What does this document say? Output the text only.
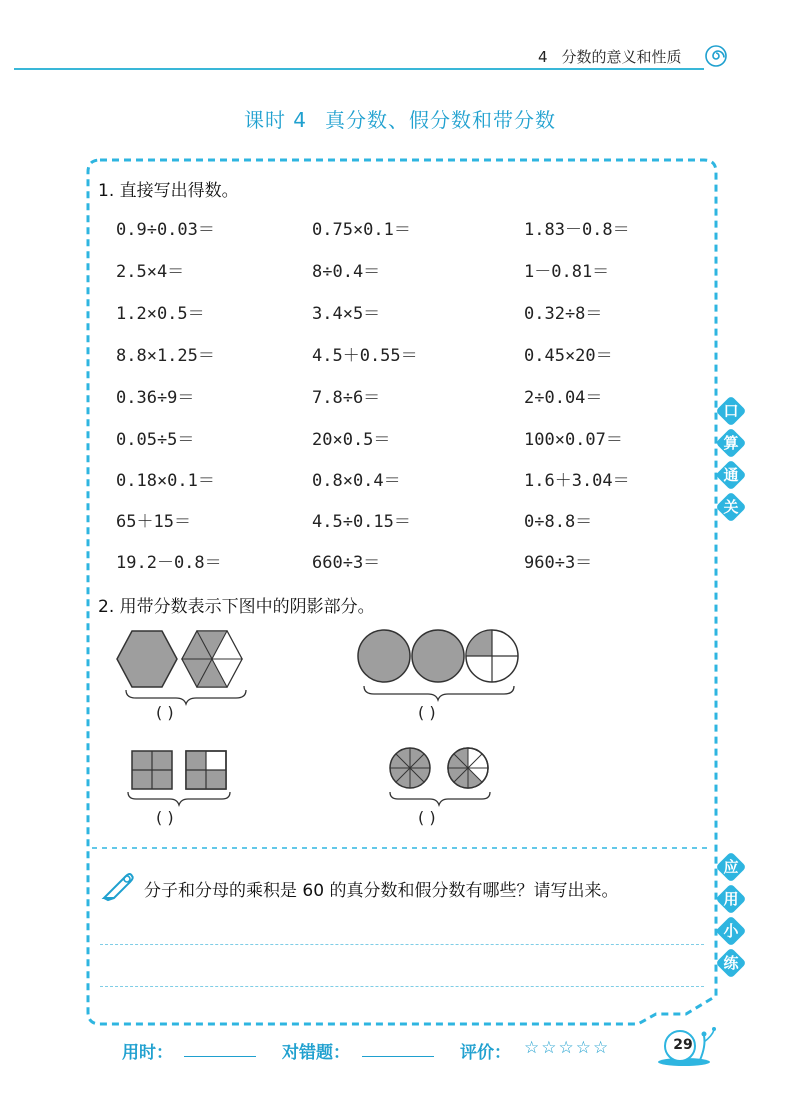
4 分数的意义和性质
课时 4 真分数、假分数和带分数
1. 直接写出得数。
0.9÷0.03＝	0.75×0.1＝	1.83－0.8＝
2.5×4＝	8÷0.4＝	1－0.81＝
1.2×0.5＝	3.4×5＝	0.32÷8＝
8.8×1.25＝	4.5＋0.55＝	0.45×20＝
0.36÷9＝	7.8÷6＝	2÷0.04＝
0.05÷5＝	20×0.5＝	100×0.07＝
0.18×0.1＝	0.8×0.4＝	1.6＋3.04＝
65＋15＝	4.5÷0.15＝	0÷8.8＝
19.2－0.8＝	660÷3＝	960÷3＝
2. 用带分数表示下图中的阴影部分。
( )	( )
( )	( )
口
算
通
关
应
用
小
练
分子和分母的乘积是 60 的真分数和假分数有哪些？请写出来。
用时：	对错题：	评价： ☆☆☆☆☆	29
